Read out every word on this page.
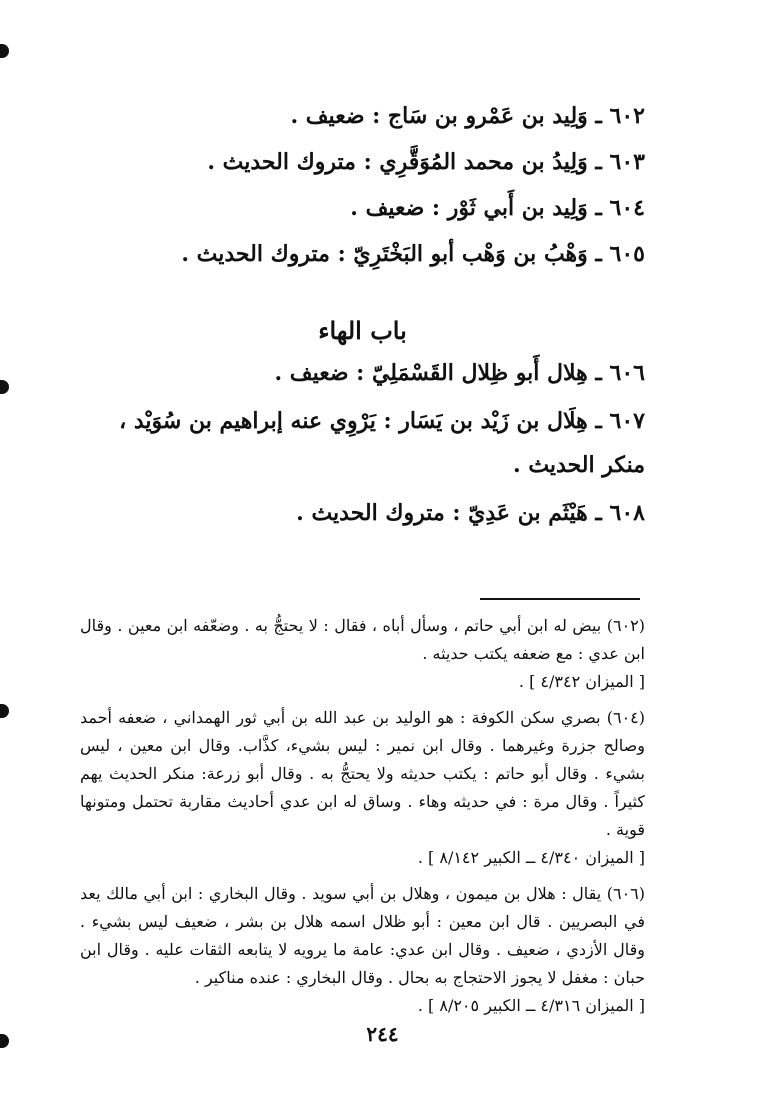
٦٠٢ ـ وَلِيد بن عَمْرو بن سَاج : ضعيف .

٦٠٣ ـ وَلِيدُ بن محمد المُوَقَّرِي : متروك الحديث .

٦٠٤ ـ وَلِيد بن أَبي ثَوْر : ضعيف .

٦٠٥ ـ وَهْبُ بن وَهْب أبو البَخْتَرِيّ : متروك الحديث .

باب الهاء

٦٠٦ ـ هِلال أَبو ظِلال القَسْمَلِيّ : ضعيف .

٦٠٧ ـ هِلَال بن زَيْد بن يَسَار : يَرْوِي عنه إبراهيم بن سُوَيْد ، منكر الحديث .

٦٠٨ ـ هَيْثَم بن عَدِيّ : متروك الحديث .

(٦٠٢) بيض له ابن أبي حاتم ، وسأل أباه ، فقال : لا يحتجُّ به . وضعّفه ابن معين . وقال ابن عدي : مع ضعفه يكتب حديثه .
[ الميزان ٤/٣٤٢ ] .

(٦٠٤) بصري سكن الكوفة : هو الوليد بن عبد الله بن أبي ثور الهمداني ، ضعفه أحمد وصالح جزرة وغيرهما . وقال ابن نمير : ليس بشيء، كذَّاب. وقال ابن معين ، ليس بشيء . وقال أبو حاتم : يكتب حديثه ولا يحتجُّ به . وقال أبو زرعة: منكر الحديث يهم كثيراً . وقال مرة : في حديثه وهاء . وساق له ابن عدي أحاديث مقاربة تحتمل ومتونها قوية .
[ الميزان ٤/٣٤٠ ــ الكبير ٨/١٤٢ ] .

(٦٠٦) يقال : هلال بن ميمون ، وهلال بن أبي سويد . وقال البخاري : ابن أبي مالك يعد في البصريين . قال ابن معين : أبو ظلال اسمه هلال بن بشر ، ضعيف ليس بشيء . وقال الأزدي ، ضعيف . وقال ابن عدي: عامة ما يرويه لا يتابعه الثقات عليه . وقال ابن حبان : مغفل لا يجوز الاحتجاج به بحال . وقال البخاري : عنده مناكير .
[ الميزان ٤/٣١٦ ــ الكبير ٨/٢٠٥ ] .

٢٤٤
